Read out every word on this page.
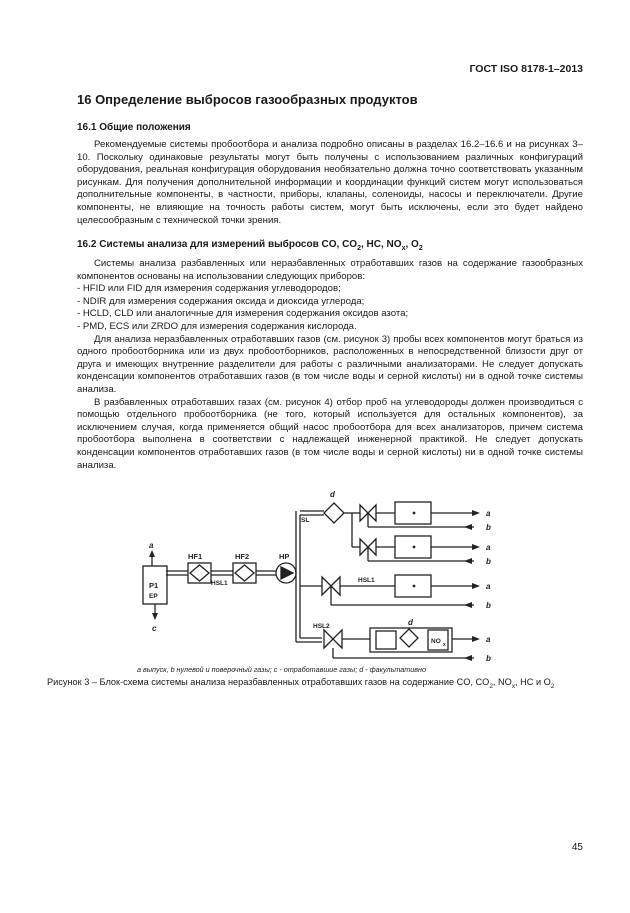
ГОСТ ISO 8178-1–2013
16 Определение выбросов газообразных продуктов
16.1 Общие положения

Рекомендуемые системы пробоотбора и анализа подробно описаны в разделах 16.2–16.6 и на рисунках 3–10. Поскольку одинаковые результаты могут быть получены с использованием различных конфигураций оборудования, реальная конфигурация оборудования необязательно должна точно соответствовать указанным рисункам. Для получения дополнительной информации и координации функций систем могут использоваться дополнительные компоненты, в частности, приборы, клапаны, соленоиды, насосы и переключатели. Другие компоненты, не влияющие на точность работы систем, могут быть исключены, если это будет найдено целесообразным с технической точки зрения.

16.2 Системы анализа для измерений выбросов CO, $CO_2$, HC, $NO_x$, $O_2$

Системы анализа разбавленных или неразбавленных отработавших газов на содержание газообразных компонентов основаны на использовании следующих приборов:

- HFID или FID для измерения содержания углеводородов;

- NDIR для измерения содержания оксида и диоксида углерода;

- HCLD, CLD или аналогичные для измерения содержания оксидов азота;

- PMD, ECS или ZRDO для измерения содержания кислорода.

Для анализа неразбавленных отработавших газов (см. рисунок 3) пробы всех компонентов могут браться из одного пробоотборника или из двух пробоотборников, расположенных в непосредственной близости друг от друга и имеющих внутренние разделители для работы с различными анализаторами. Не следует допускать конденсации компонентов отработавших газов (в том числе воды и серной кислоты) ни в одной точке системы анализа.

В разбавленных отработавших газах (см. рисунок 4) отбор проб на углеводороды должен производиться с помощью отдельного пробоотборника (не того, который используется для остальных компонентов), за исключением случая, когда применяется общий насос пробоотбора для всех анализаторов, причем система пробоотбора выполнена в соответствии с надлежащей инженерной практикой. Не следует допускать конденсации компонентов отработавших газов (в том числе воды и серной кислоты) ни в одной точке системы анализа.

P1
EP
HF1	HF2	HP
HSL1	HSL1
HSL2
SL
NO x
d
d
a
c
a
b
a
b
a
b
a
b
a выпуск, b нулевой и поверочный газы; c - отработавшие газы; d - факультативно
Рисунок 3 – Блок-схема системы анализа неразбавленных отработавших газов на содержание CO, $CO_2$, $NO_x$, HC и $O_2$
45
